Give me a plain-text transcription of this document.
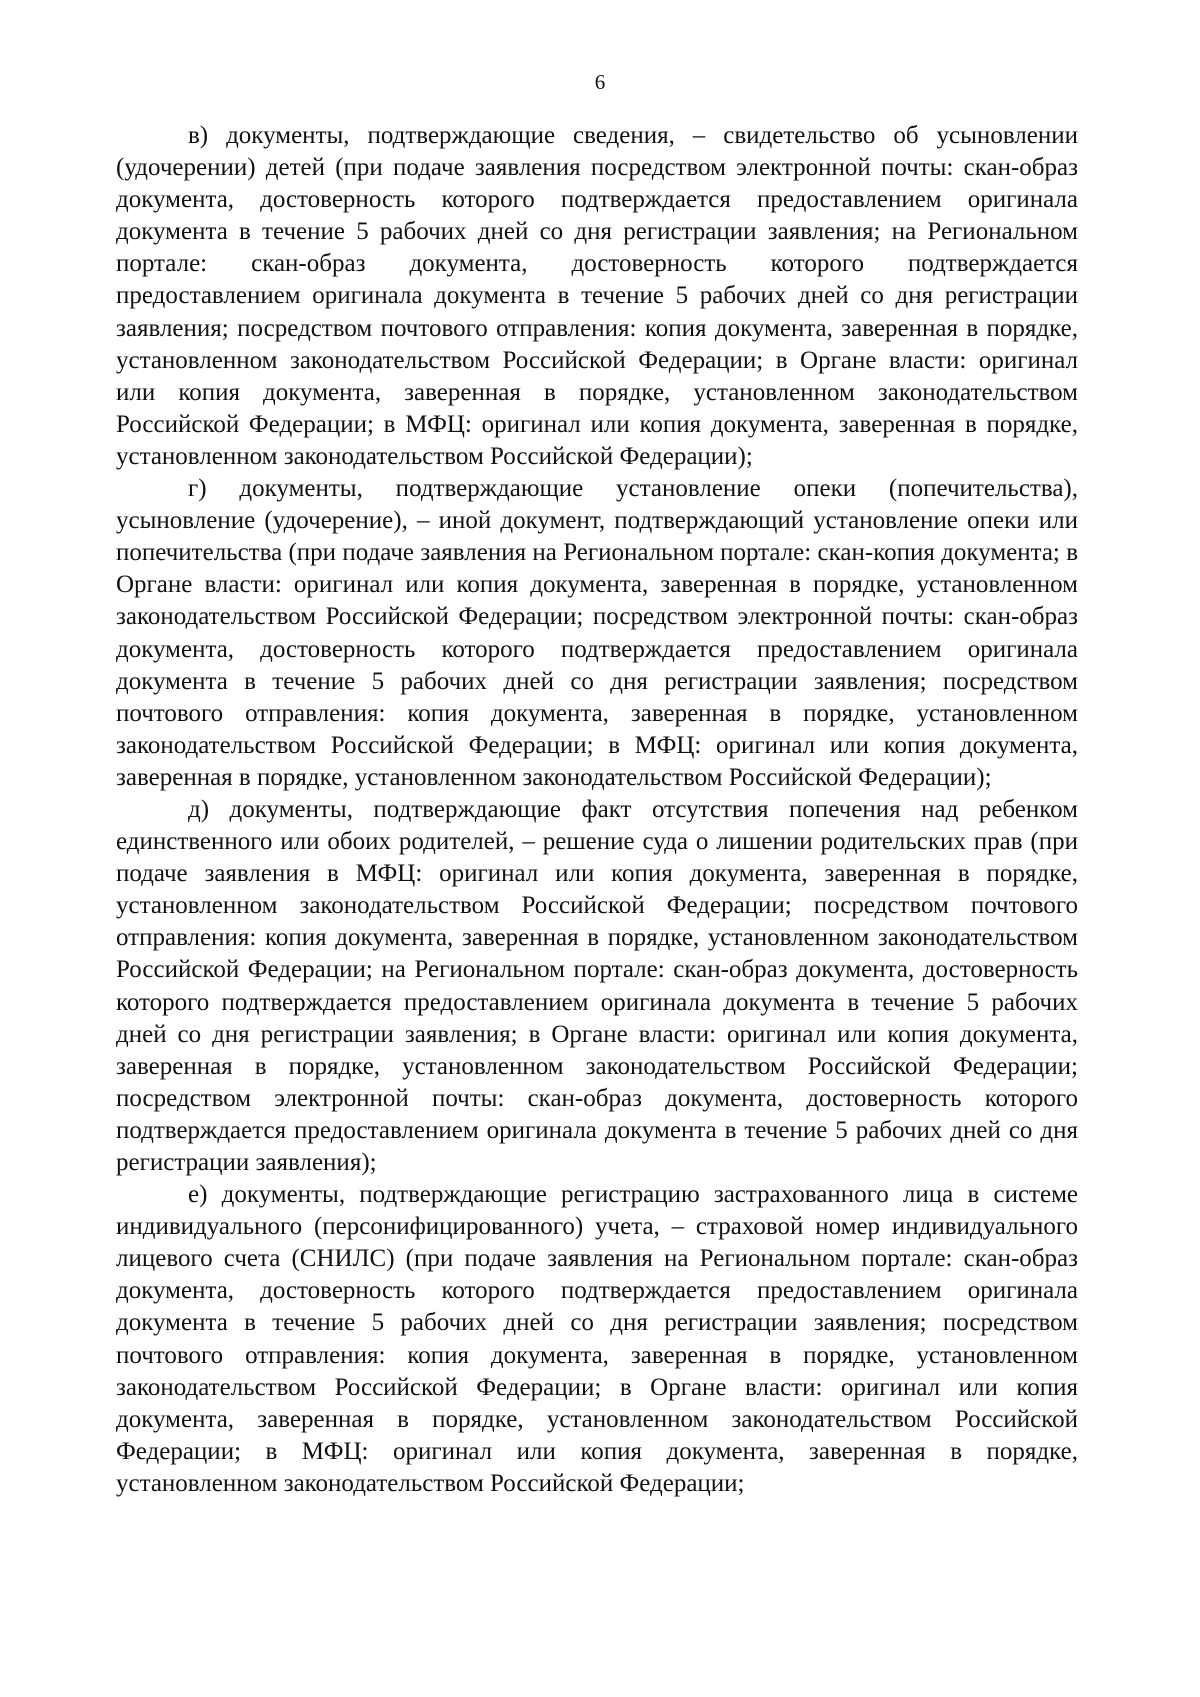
6

в) документы, подтверждающие сведения, – свидетельство об усыновлении (удочерении) детей (при подаче заявления посредством электронной почты: скан-образ документа, достоверность которого подтверждается предоставлением оригинала документа в течение 5 рабочих дней со дня регистрации заявления; на Региональном портале: скан-образ документа, достоверность которого подтверждается предоставлением оригинала документа в течение 5 рабочих дней со дня регистрации заявления; посредством почтового отправления: копия документа, заверенная в порядке, установленном законодательством Российской Федерации; в Органе власти: оригинал или копия документа, заверенная в порядке, установленном законодательством Российской Федерации; в МФЦ: оригинал или копия документа, заверенная в порядке, установленном законодательством Российской Федерации);

г) документы, подтверждающие установление опеки (попечительства), усыновление (удочерение), – иной документ, подтверждающий установление опеки или попечительства (при подаче заявления на Региональном портале: скан-копия документа; в Органе власти: оригинал или копия документа, заверенная в порядке, установленном законодательством Российской Федерации; посредством электронной почты: скан-образ документа, достоверность которого подтверждается предоставлением оригинала документа в течение 5 рабочих дней со дня регистрации заявления; посредством почтового отправления: копия документа, заверенная в порядке, установленном законодательством Российской Федерации; в МФЦ: оригинал или копия документа, заверенная в порядке, установленном законодательством Российской Федерации);

д) документы, подтверждающие факт отсутствия попечения над ребенком единственного или обоих родителей, – решение суда о лишении родительских прав (при подаче заявления в МФЦ: оригинал или копия документа, заверенная в порядке, установленном законодательством Российской Федерации; посредством почтового отправления: копия документа, заверенная в порядке, установленном законодательством Российской Федерации; на Региональном портале: скан-образ документа, достоверность которого подтверждается предоставлением оригинала документа в течение 5 рабочих дней со дня регистрации заявления; в Органе власти: оригинал или копия документа, заверенная в порядке, установленном законодательством Российской Федерации; посредством электронной почты: скан-образ документа, достоверность которого подтверждается предоставлением оригинала документа в течение 5 рабочих дней со дня регистрации заявления);

е) документы, подтверждающие регистрацию застрахованного лица в системе индивидуального (персонифицированного) учета, – страховой номер индивидуального лицевого счета (СНИЛС) (при подаче заявления на Региональном портале: скан-образ документа, достоверность которого подтверждается предоставлением оригинала документа в течение 5 рабочих дней со дня регистрации заявления; посредством почтового отправления: копия документа, заверенная в порядке, установленном законодательством Российской Федерации; в Органе власти: оригинал или копия документа, заверенная в порядке, установленном законодательством Российской Федерации; в МФЦ: оригинал или копия документа, заверенная в порядке, установленном законодательством Российской Федерации;
